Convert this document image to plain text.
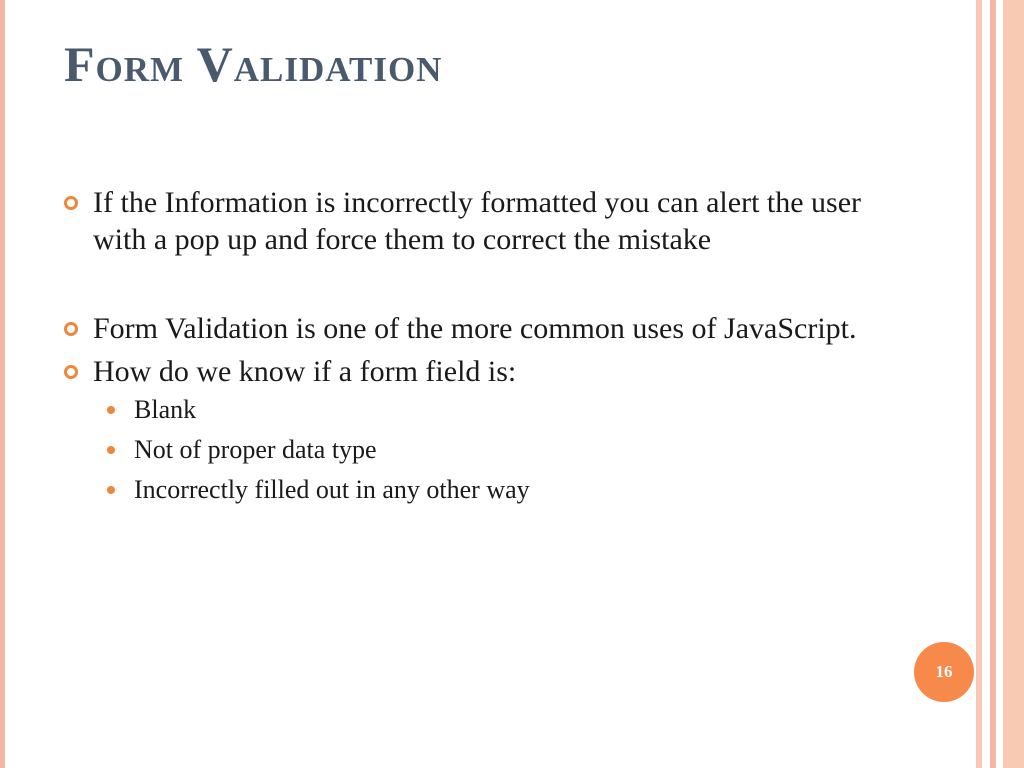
Form Validation
If the Information is incorrectly formatted you can alert the user with a pop up and force them to correct the mistake
Form Validation is one of the more common uses of JavaScript.
How do we know if a form field is:
Blank
Not of proper data type
Incorrectly filled out in any other way
16
